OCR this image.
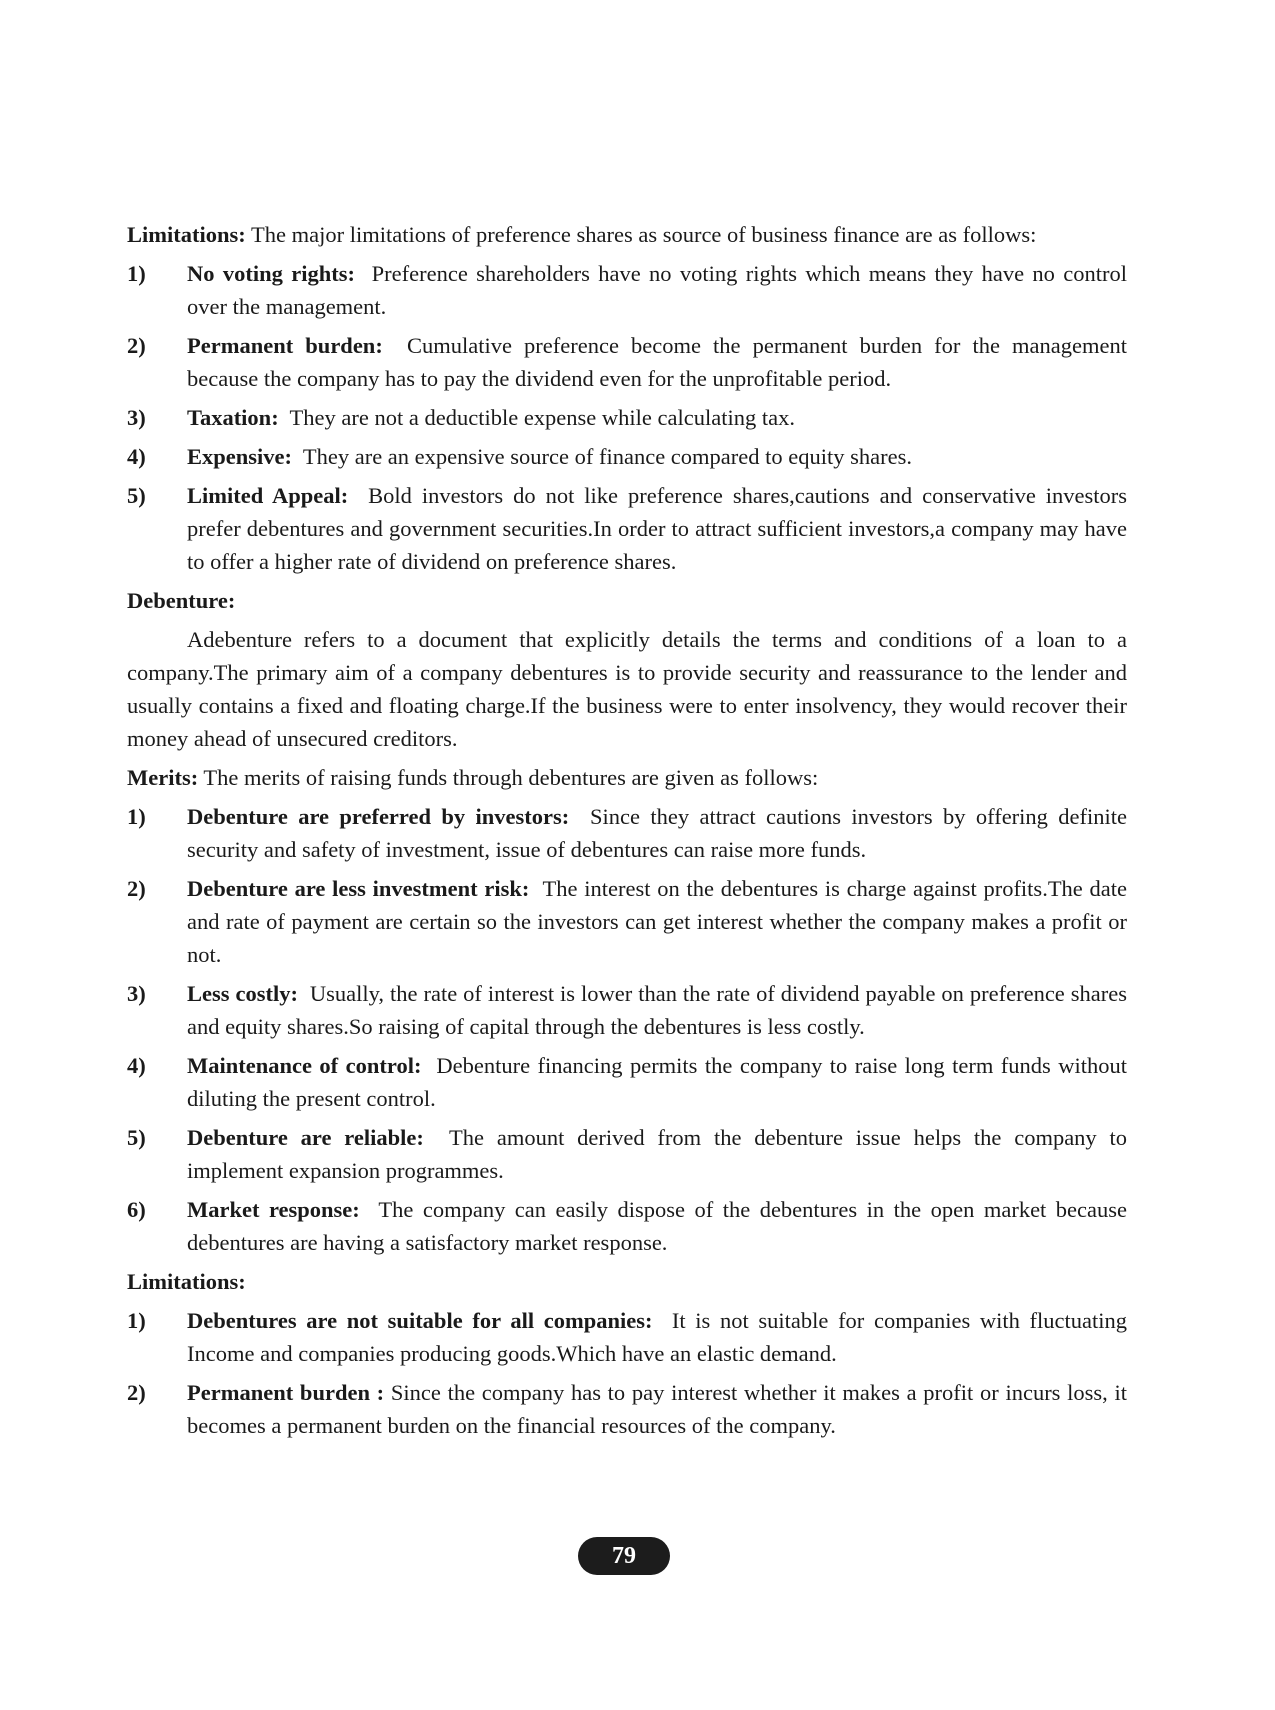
Limitations: The major limitations of preference shares as source of business finance are as follows:

1)	No voting rights: Preference shareholders have no voting rights which means they have no control over the management.
2)	Permanent burden: Cumulative preference become the permanent burden for the management because the company has to pay the dividend even for the unprofitable period.
3)	Taxation: They are not a deductible expense while calculating tax.
4)	Expensive: They are an expensive source of finance compared to equity shares.
5)	Limited Appeal: Bold investors do not like preference shares,cautions and conservative investors prefer debentures and government securities.In order to attract sufficient investors,a company may have to offer a higher rate of dividend on preference shares.

Debenture:

Adebenture refers to a document that explicitly details the terms and conditions of a loan to a company.The primary aim of a company debentures is to provide security and reassurance to the lender and usually contains a fixed and floating charge.If the business were to enter insolvency, they would recover their money ahead of unsecured creditors.

Merits: The merits of raising funds through debentures are given as follows:

1)	Debenture are preferred by investors: Since they attract cautions investors by offering definite security and safety of investment, issue of debentures can raise more funds.
2)	Debenture are less investment risk: The interest on the debentures is charge against profits.The date and rate of payment are certain so the investors can get interest whether the company makes a profit or not.
3)	Less costly: Usually, the rate of interest is lower than the rate of dividend payable on preference shares and equity shares.So raising of capital through the debentures is less costly.
4)	Maintenance of control: Debenture financing permits the company to raise long term funds without diluting the present control.
5)	Debenture are reliable: The amount derived from the debenture issue helps the company to implement expansion programmes.
6)	Market response: The company can easily dispose of the debentures in the open market because debentures are having a satisfactory market response.

Limitations:

1)	Debentures are not suitable for all companies: It is not suitable for companies with fluctuating Income and companies producing goods.Which have an elastic demand.
2)	Permanent burden : Since the company has to pay interest whether it makes a profit or incurs loss, it becomes a permanent burden on the financial resources of the company.
79
